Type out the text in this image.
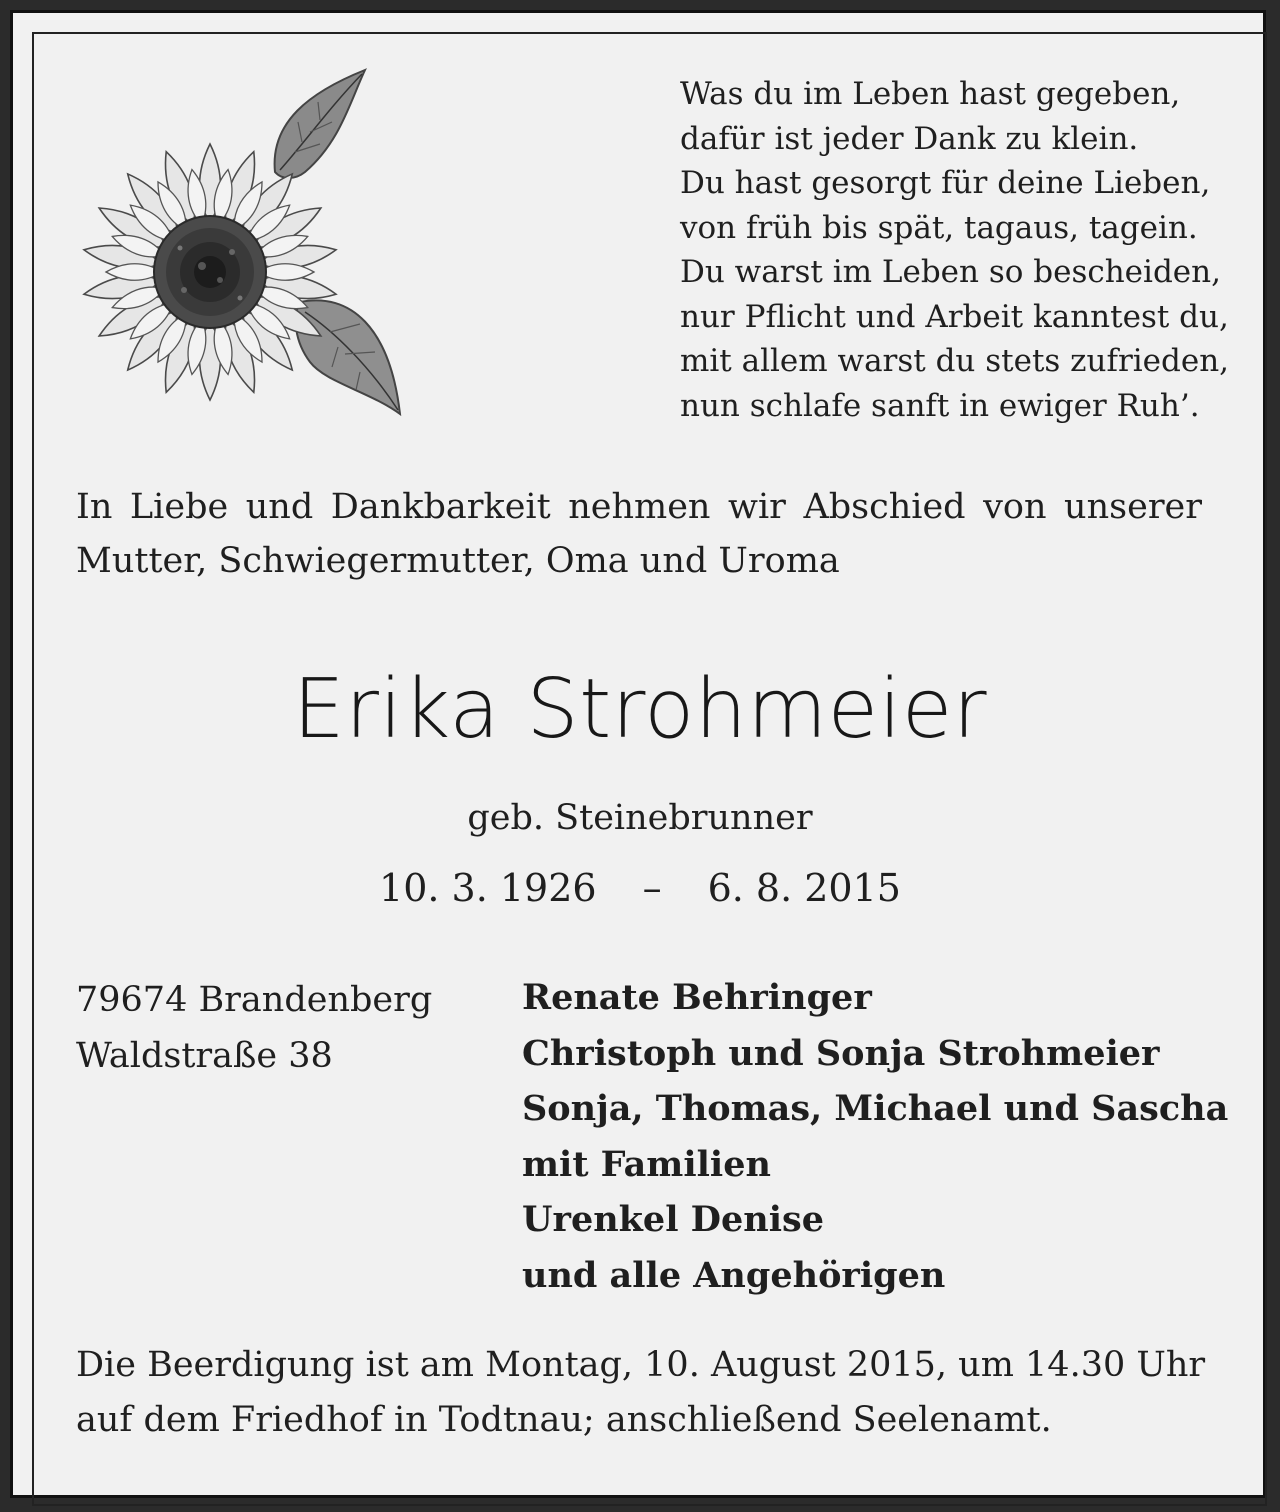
Was du im Leben hast gegeben,
dafür ist jeder Dank zu klein.
Du hast gesorgt für deine Lieben,
von früh bis spät, tagaus, tagein.
Du warst im Leben so bescheiden,
nur Pflicht und Arbeit kanntest du,
mit allem warst du stets zufrieden,
nun schlafe sanft in ewiger Ruh’.
In Liebe und Dankbarkeit nehmen wir Abschied von unserer
Mutter, Schwiegermutter, Oma und Uroma
Erika Strohmeier
geb. Steinebrunner
10. 3. 1926 – 6. 8. 2015
79674 Brandenberg
Waldstraße 38
Renate Behringer
Christoph und Sonja Strohmeier
Sonja, Thomas, Michael und Sascha
mit Familien
Urenkel Denise
und alle Angehörigen
Die Beerdigung ist am Montag, 10. August 2015, um 14.30 Uhr
auf dem Friedhof in Todtnau; anschließend Seelenamt.
